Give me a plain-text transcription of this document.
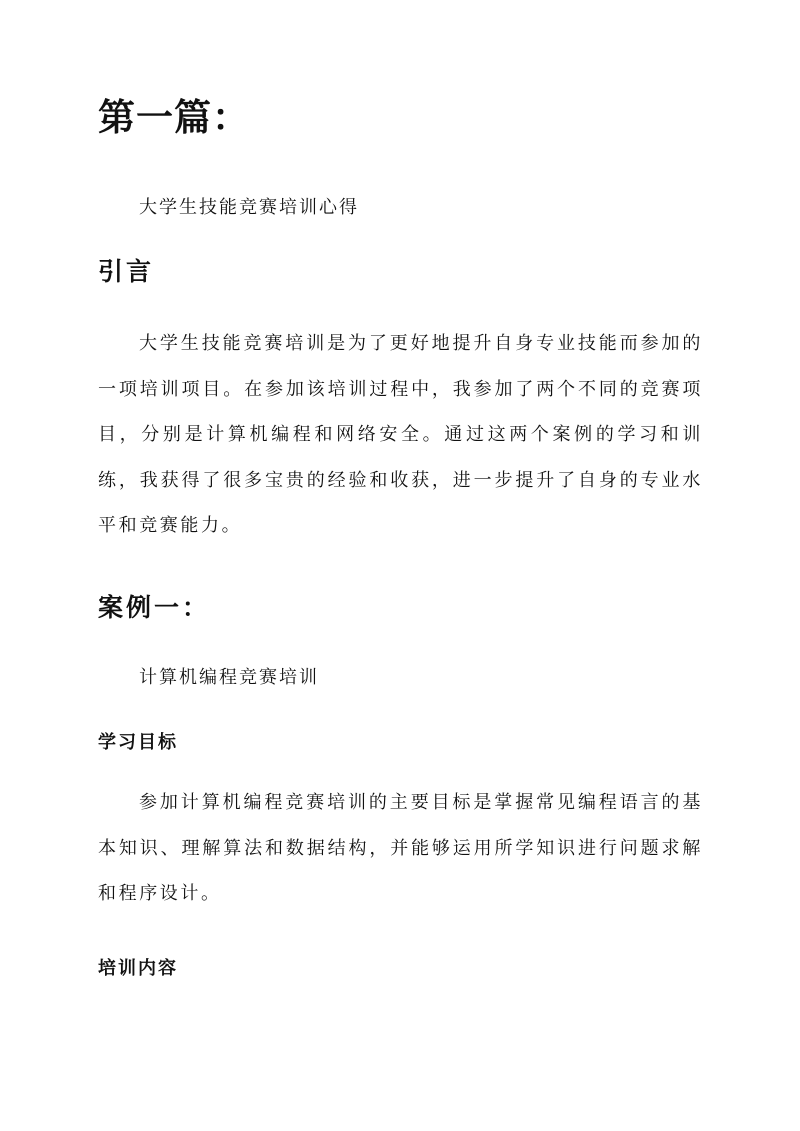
第一篇：
大学生技能竞赛培训心得
引言
大学生技能竞赛培训是为了更好地提升自身专业技能而参加的一项培训项目。在参加该培训过程中，我参加了两个不同的竞赛项目，分别是计算机编程和网络安全。通过这两个案例的学习和训练，我获得了很多宝贵的经验和收获，进一步提升了自身的专业水平和竞赛能力。
案例一：
计算机编程竞赛培训
学习目标
参加计算机编程竞赛培训的主要目标是掌握常见编程语言的基本知识、理解算法和数据结构，并能够运用所学知识进行问题求解和程序设计。
培训内容
